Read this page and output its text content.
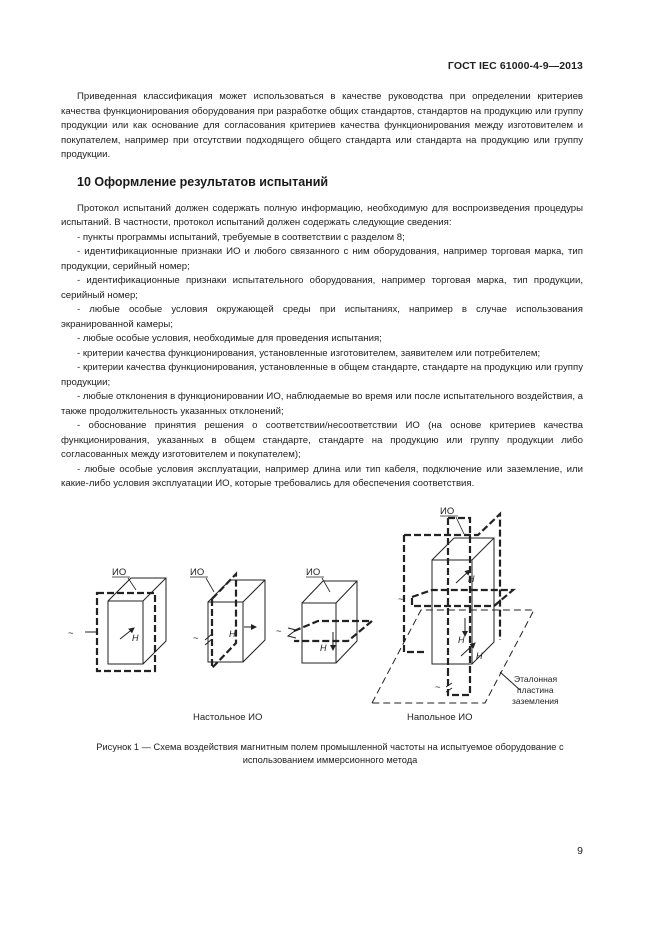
ГОСТ IEC 61000-4-9—2013

Приведенная классификация может использоваться в качестве руководства при определении критериев качества функционирования оборудования при разработке общих стандартов, стандартов на продукцию или группу продукции или как основание для согласования критериев качества функционирования между изготовителем и покупателем, например при отсутствии подходящего общего стандарта или стандарта на продукцию или группу продукции.

10 Оформление результатов испытаний

Протокол испытаний должен содержать полную информацию, необходимую для воспроизведения процедуры испытаний. В частности, протокол испытаний должен содержать следующие сведения:

- пункты программы испытаний, требуемые в соответствии с разделом 8;

- идентификационные признаки ИО и любого связанного с ним оборудования, например торговая марка, тип продукции, серийный номер;

- идентификационные признаки испытательного оборудования, например торговая марка, тип продукции, серийный номер;

- любые особые условия окружающей среды при испытаниях, например в случае использования экранированной камеры;

- любые особые условия, необходимые для проведения испытания;

- критерии качества функционирования, установленные изготовителем, заявителем или потребителем;

- критерии качества функционирования, установленные в общем стандарте, стандарте на продукцию или группу продукции;

- любые отклонения в функционировании ИО, наблюдаемые во время или после испытательного воздействия, а также продолжительность указанных отклонений;

- обоснование принятия решения о соответствии/несоответствии ИО (на основе критериев качества функционирования, указанных в общем стандарте, стандарте на продукцию или группу продукции либо согласованных между изготовителем и покупателем);

- любые особые условия эксплуатации, например длина или тип кабеля, подключение или заземление, или какие-либо условия эксплуатации ИО, которые требовались для обеспечения соответствия.

ИО
H
~
ИО
H
~
ИО
H
~
ИО
H
H
H
~
~
Эталонная
пластина
заземления
Настольное ИО	Напольное ИО
Рисунок 1 — Схема воздействия магнитным полем промышленной частоты на испытуемое оборудование с использованием иммерсионного метода
9
